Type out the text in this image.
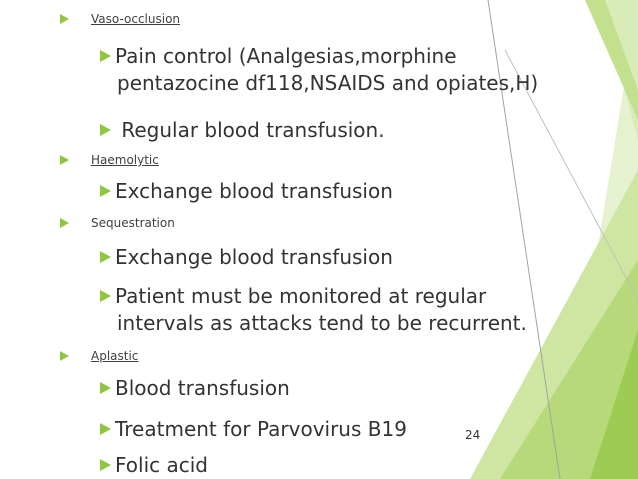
Vaso-occlusion
Pain control (Analgesias,morphine
pentazocine df118,NSAIDS and opiates,H)
Regular blood transfusion.
Haemolytic
Exchange blood transfusion
Sequestration
Exchange blood transfusion
Patient must be monitored at regular
intervals as attacks tend to be recurrent.
Aplastic
Blood transfusion
Treatment for Parvovirus B19
Folic acid
24
